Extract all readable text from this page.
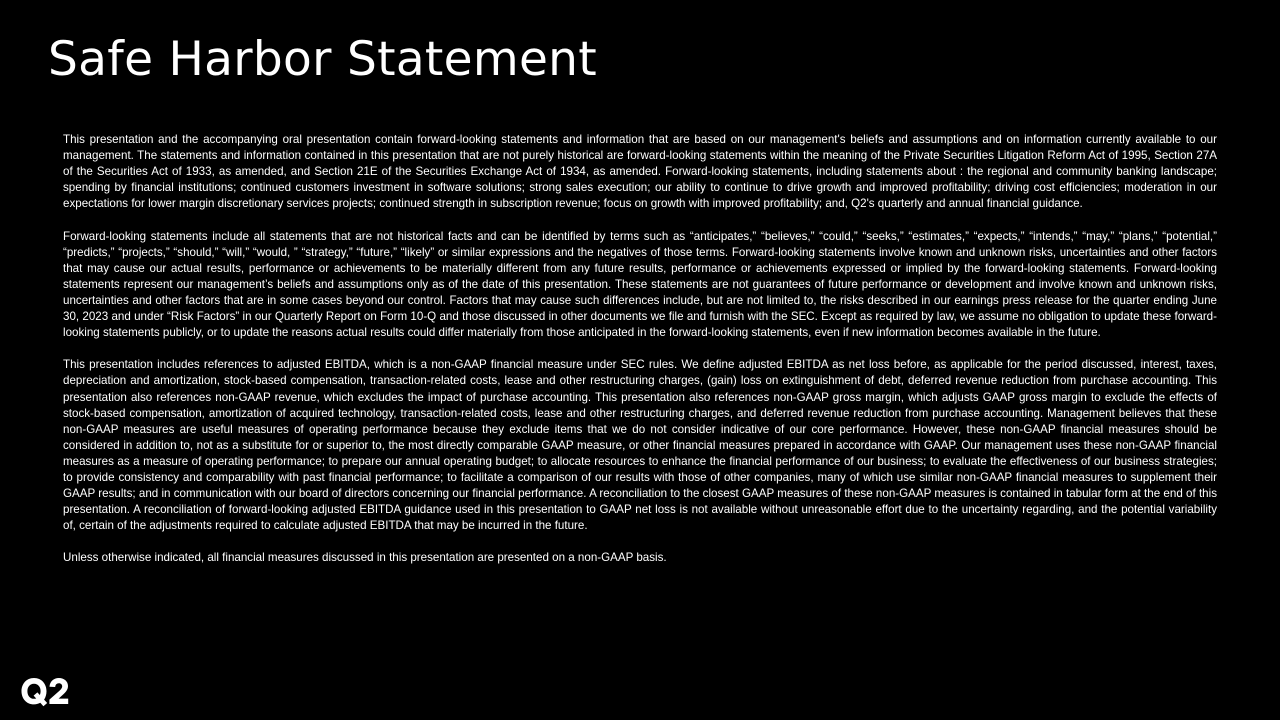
Safe Harbor Statement

This presentation and the accompanying oral presentation contain forward-looking statements and information that are based on our management's beliefs and assumptions and on information currently available to our management. The statements and information contained in this presentation that are not purely historical are forward-looking statements within the meaning of the Private Securities Litigation Reform Act of 1995, Section 27A of the Securities Act of 1933, as amended, and Section 21E of the Securities Exchange Act of 1934, as amended. Forward-looking statements, including statements about : the regional and community banking landscape; spending by financial institutions; continued customers investment in software solutions; strong sales execution; our ability to continue to drive growth and improved profitability; driving cost efficiencies; moderation in our expectations for lower margin discretionary services projects; continued strength in subscription revenue; focus on growth with improved profitability; and, Q2's quarterly and annual financial guidance.

Forward-looking statements include all statements that are not historical facts and can be identified by terms such as “anticipates,” “believes,” “could,” “seeks,” “estimates,” “expects,” “intends,” “may,” “plans,” “potential,” “predicts,” “projects,” “should,” “will,” “would, ” “strategy,” “future,” “likely” or similar expressions and the negatives of those terms. Forward-looking statements involve known and unknown risks, uncertainties and other factors that may cause our actual results, performance or achievements to be materially different from any future results, performance or achievements expressed or implied by the forward-looking statements. Forward-looking statements represent our management’s beliefs and assumptions only as of the date of this presentation. These statements are not guarantees of future performance or development and involve known and unknown risks, uncertainties and other factors that are in some cases beyond our control. Factors that may cause such differences include, but are not limited to, the risks described in our earnings press release for the quarter ending June 30, 2023 and under “Risk Factors” in our Quarterly Report on Form 10-Q and those discussed in other documents we file and furnish with the SEC. Except as required by law, we assume no obligation to update these forward-looking statements publicly, or to update the reasons actual results could differ materially from those anticipated in the forward-looking statements, even if new information becomes available in the future.

This presentation includes references to adjusted EBITDA, which is a non-GAAP financial measure under SEC rules. We define adjusted EBITDA as net loss before, as applicable for the period discussed, interest, taxes, depreciation and amortization, stock-based compensation, transaction-related costs, lease and other restructuring charges, (gain) loss on extinguishment of debt, deferred revenue reduction from purchase accounting. This presentation also references non-GAAP revenue, which excludes the impact of purchase accounting. This presentation also references non-GAAP gross margin, which adjusts GAAP gross margin to exclude the effects of stock-based compensation, amortization of acquired technology, transaction-related costs, lease and other restructuring charges, and deferred revenue reduction from purchase accounting. Management believes that these non-GAAP measures are useful measures of operating performance because they exclude items that we do not consider indicative of our core performance. However, these non-GAAP financial measures should be considered in addition to, not as a substitute for or superior to, the most directly comparable GAAP measure, or other financial measures prepared in accordance with GAAP. Our management uses these non-GAAP financial measures as a measure of operating performance; to prepare our annual operating budget; to allocate resources to enhance the financial performance of our business; to evaluate the effectiveness of our business strategies; to provide consistency and comparability with past financial performance; to facilitate a comparison of our results with those of other companies, many of which use similar non-GAAP financial measures to supplement their GAAP results; and in communication with our board of directors concerning our financial performance. A reconciliation to the closest GAAP measures of these non-GAAP measures is contained in tabular form at the end of this presentation. A reconciliation of forward-looking adjusted EBITDA guidance used in this presentation to GAAP net loss is not available without unreasonable effort due to the uncertainty regarding, and the potential variability of, certain of the adjustments required to calculate adjusted EBITDA that may be incurred in the future.

Unless otherwise indicated, all financial measures discussed in this presentation are presented on a non-GAAP basis.
